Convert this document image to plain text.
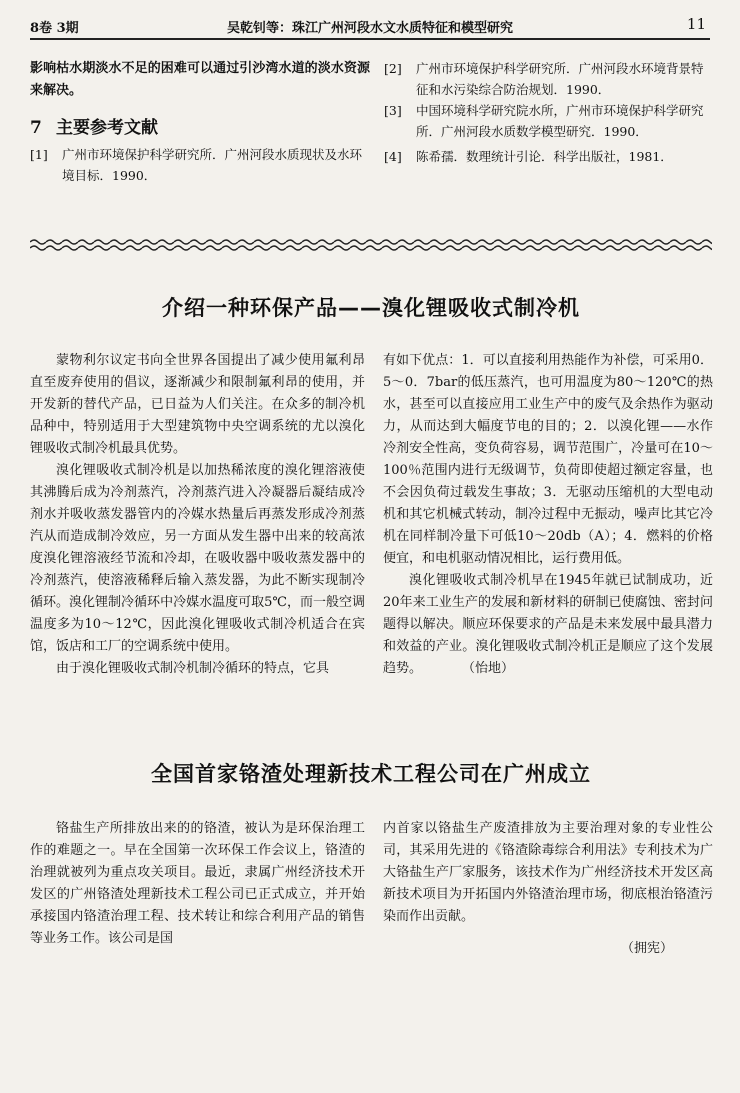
8卷 3期	吴乾钊等：珠江广州河段水文水质特征和模型研究	11

影响枯水期淡水不足的困难可以通过引沙湾水道的淡水资源来解决。

7 主要参考文献
[1]	广州市环境保护科学研究所．广州河段水质现状及水环境目标．1990．
[2]	广州市环境保护科学研究所．广州河段水环境背景特征和水污染综合防治规划．1990．
[3]	中国环境科学研究院水所，广州市环境保护科学研究所．广州河段水质数学模型研究．1990．
[4]	陈希孺．数理统计引论．科学出版社，1981．
介绍一种环保产品——溴化锂吸收式制冷机

蒙物利尔议定书向全世界各国提出了减少使用氟利昂直至废弃使用的倡议，逐渐减少和限制氟利昂的使用，并开发新的替代产品，已日益为人们关注。在众多的制冷机品种中，特别适用于大型建筑物中央空调系统的尤以溴化锂吸收式制冷机最具优势。

溴化锂吸收式制冷机是以加热稀浓度的溴化锂溶液使其沸腾后成为冷剂蒸汽，冷剂蒸汽进入冷凝器后凝结成冷剂水并吸收蒸发器管内的冷媒水热量后再蒸发形成冷剂蒸汽从而造成制冷效应，另一方面从发生器中出来的较高浓度溴化锂溶液经节流和冷却，在吸收器中吸收蒸发器中的冷剂蒸汽，使溶液稀释后输入蒸发器，为此不断实现制冷循环。溴化锂制冷循环中冷媒水温度可取5℃，而一般空调温度多为10～12℃，因此溴化锂吸收式制冷机适合在宾馆，饭店和工厂的空调系统中使用。

由于溴化锂吸收式制冷机制冷循环的特点，它具

有如下优点：1．可以直接利用热能作为补偿，可采用0．5～0．7bar的低压蒸汽，也可用温度为80～120℃的热水，甚至可以直接应用工业生产中的废气及余热作为驱动力，从而达到大幅度节电的目的；2．以溴化锂——水作冷剂安全性高，变负荷容易，调节范围广，冷量可在10～100％范围内进行无级调节，负荷即使超过额定容量，也不会因负荷过载发生事故；3．无驱动压缩机的大型电动机和其它机械式转动，制冷过程中无振动，噪声比其它冷机在同样制冷量下可低10～20db（A）；4．燃料的价格便宜，和电机驱动情况相比，运行费用低。

溴化锂吸收式制冷机早在1945年就已试制成功，近20年来工业生产的发展和新材料的研制已使腐蚀、密封问题得以解决。顺应环保要求的产品是未来发展中最具潜力和效益的产业。溴化锂吸收式制冷机正是顺应了这个发展趋势。	（怡地）

全国首家铬渣处理新技术工程公司在广州成立

铬盐生产所排放出来的的铬渣，被认为是环保治理工作的难题之一。早在全国第一次环保工作会议上，铬渣的治理就被列为重点攻关项目。最近，隶属广州经济技术开发区的广州铬渣处理新技术工程公司已正式成立，并开始承接国内铬渣治理工程、技术转让和综合利用产品的销售等业务工作。该公司是国

内首家以铬盐生产废渣排放为主要治理对象的专业性公司，其采用先进的《铬渣除毒综合利用法》专利技术为广大铬盐生产厂家服务，该技术作为广州经济技术开发区高新技术项目为开拓国内外铬渣治理市场，彻底根治铬渣污染而作出贡献。

（拥宪）
